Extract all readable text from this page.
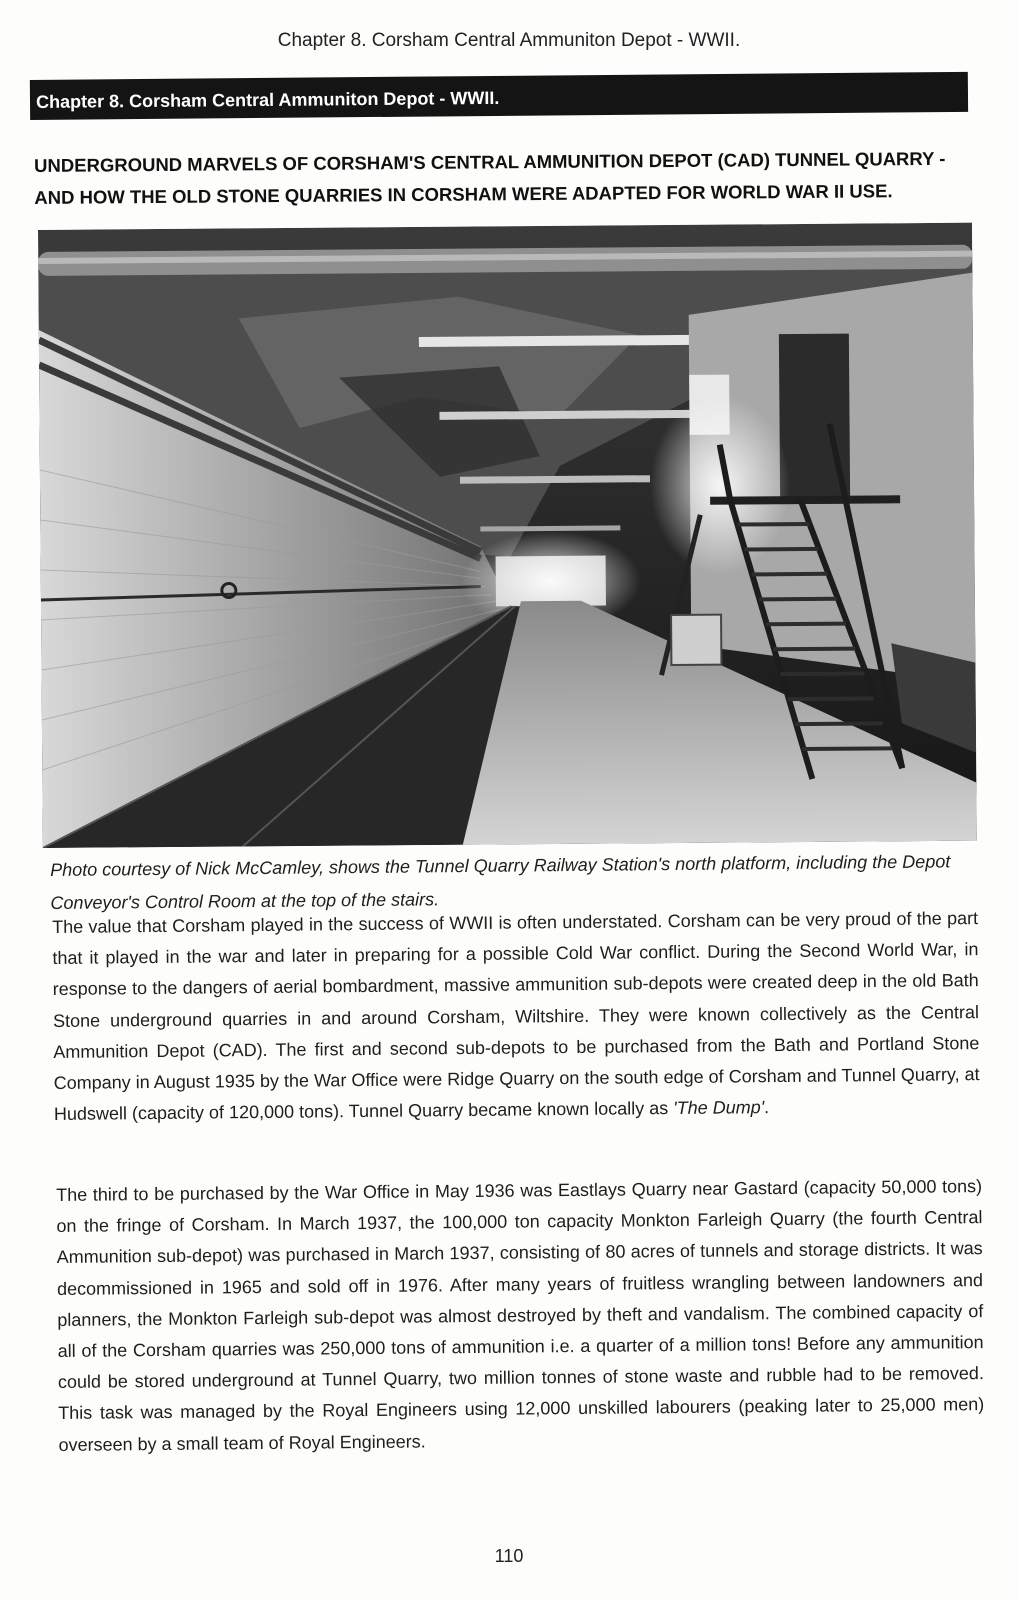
Chapter 8. Corsham Central Ammuniton Depot - WWII.
Chapter 8. Corsham Central Ammuniton Depot - WWII.
UNDERGROUND MARVELS OF CORSHAM'S CENTRAL AMMUNITION DEPOT (CAD) TUNNEL QUARRY -
AND HOW THE OLD STONE QUARRIES IN CORSHAM WERE ADAPTED FOR WORLD WAR II USE.
Photo courtesy of Nick McCamley, shows the Tunnel Quarry Railway Station's north platform, including the Depot Conveyor's Control Room at the top of the stairs.
The value that Corsham played in the success of WWII is often understated. Corsham can be very proud of the part that it played in the war and later in preparing for a possible Cold War conflict. During the Second World War, in response to the dangers of aerial bombardment, massive ammunition sub-depots were created deep in the old Bath Stone underground quarries in and around Corsham, Wiltshire. They were known collectively as the Central Ammunition Depot (CAD). The first and second sub-depots to be purchased from the Bath and Portland Stone Company in August 1935 by the War Office were Ridge Quarry on the south edge of Corsham and Tunnel Quarry, at Hudswell (capacity of 120,000 tons). Tunnel Quarry became known locally as 'The Dump'.
The third to be purchased by the War Office in May 1936 was Eastlays Quarry near Gastard (capacity 50,000 tons) on the fringe of Corsham. In March 1937, the 100,000 ton capacity Monkton Farleigh Quarry (the fourth Central Ammunition sub-depot) was purchased in March 1937, consisting of 80 acres of tunnels and storage districts. It was decommissioned in 1965 and sold off in 1976. After many years of fruitless wrangling between landowners and planners, the Monkton Farleigh sub-depot was almost destroyed by theft and vandalism. The combined capacity of all of the Corsham quarries was 250,000 tons of ammunition i.e. a quarter of a million tons! Before any ammunition could be stored underground at Tunnel Quarry, two million tonnes of stone waste and rubble had to be removed. This task was managed by the Royal Engineers using 12,000 unskilled labourers (peaking later to 25,000 men) overseen by a small team of Royal Engineers.
110
